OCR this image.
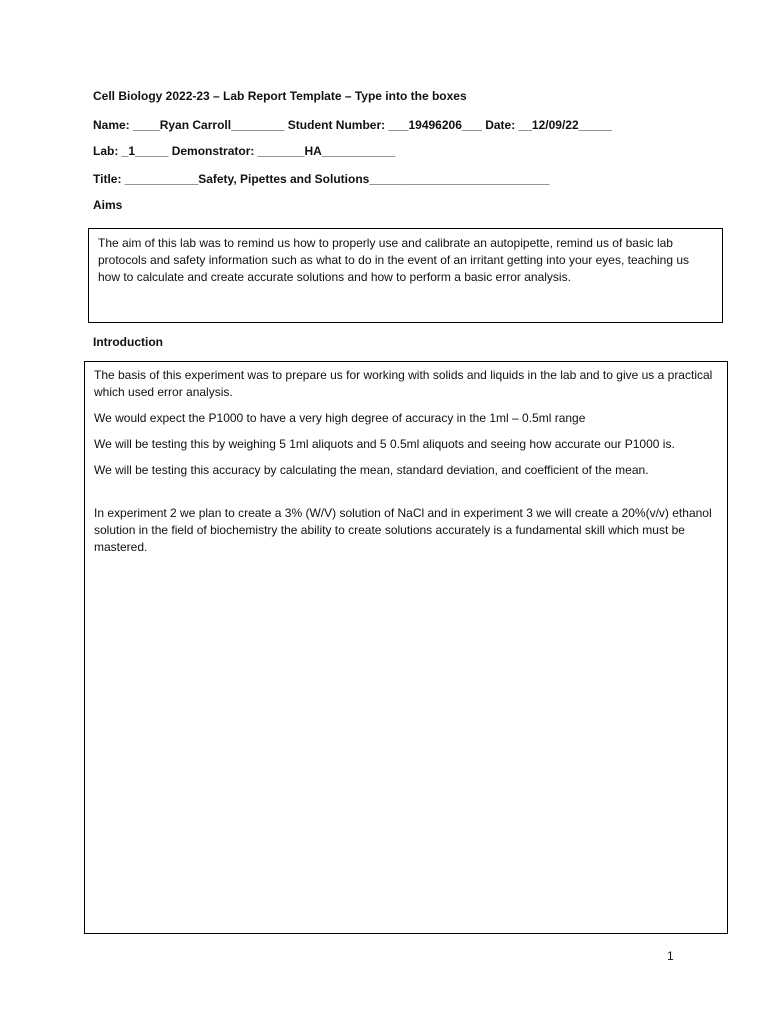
Cell Biology 2022-23 – Lab Report Template – Type into the boxes

Name: ____Ryan Carroll________ Student Number: ___19496206___ Date: __12/09/22_____

Lab: _1_____ Demonstrator: _______HA___________

Title: ___________Safety, Pipettes and Solutions___________________________

Aims

The aim of this lab was to remind us how to properly use and calibrate an autopipette, remind us of basic lab protocols and safety information such as what to do in the event of an irritant getting into your eyes, teaching us how to calculate and create accurate solutions and how to perform a basic error analysis.

Introduction

The basis of this experiment was to prepare us for working with solids and liquids in the lab and to give us a practical which used error analysis.

We would expect the P1000 to have a very high degree of accuracy in the 1ml – 0.5ml range

We will be testing this by weighing 5 1ml aliquots and 5 0.5ml aliquots and seeing how accurate our P1000 is.

We will be testing this accuracy by calculating the mean, standard deviation, and coefficient of the mean.

In experiment 2 we plan to create a 3% (W/V) solution of NaCl and in experiment 3 we will create a 20%(v/v) ethanol solution in the field of biochemistry the ability to create solutions accurately is a fundamental skill which must be mastered.

1
